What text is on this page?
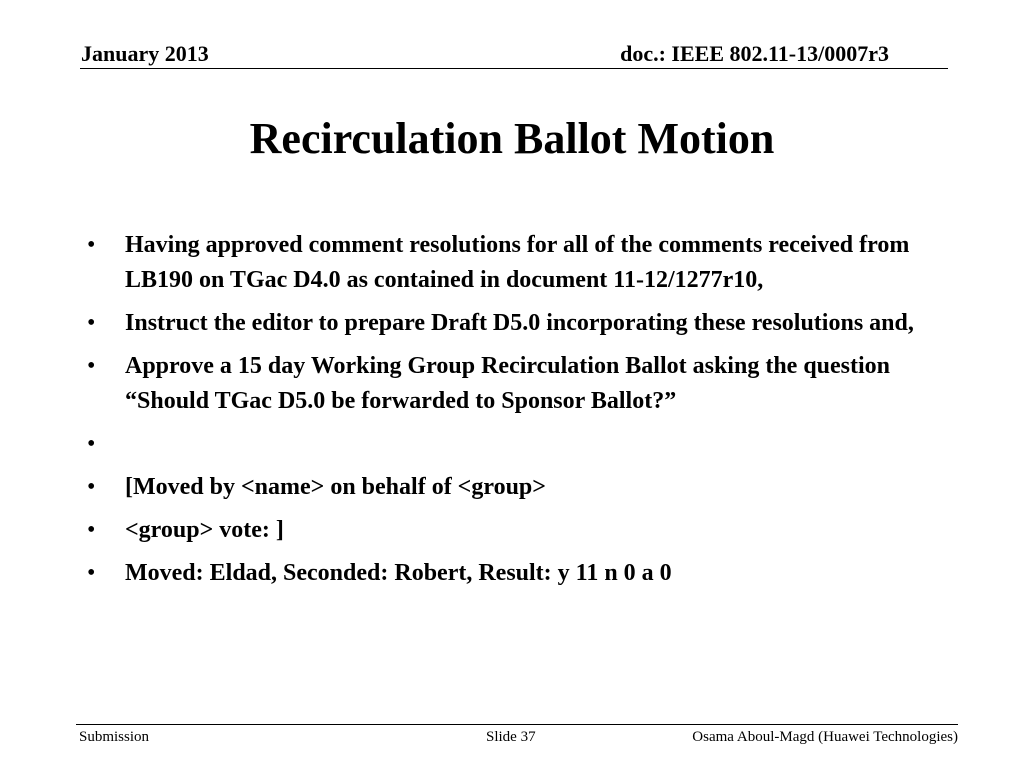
January 2013	doc.: IEEE 802.11-13/0007r3
Recirculation Ballot Motion
• Having approved comment resolutions for all of the comments received from LB190 on TGac D4.0 as contained in document 11-12/1277r10,
• Instruct the editor to prepare Draft D5.0 incorporating these resolutions and,
• Approve a 15 day Working Group Recirculation Ballot asking the question “Should TGac D5.0 be forwarded to Sponsor Ballot?”
•
• [Moved by <name> on behalf of <group>
• <group> vote: ]
• Moved: Eldad, Seconded: Robert, Result: y 11 n 0 a 0
Submission	Slide 37	Osama Aboul-Magd (Huawei Technologies)
